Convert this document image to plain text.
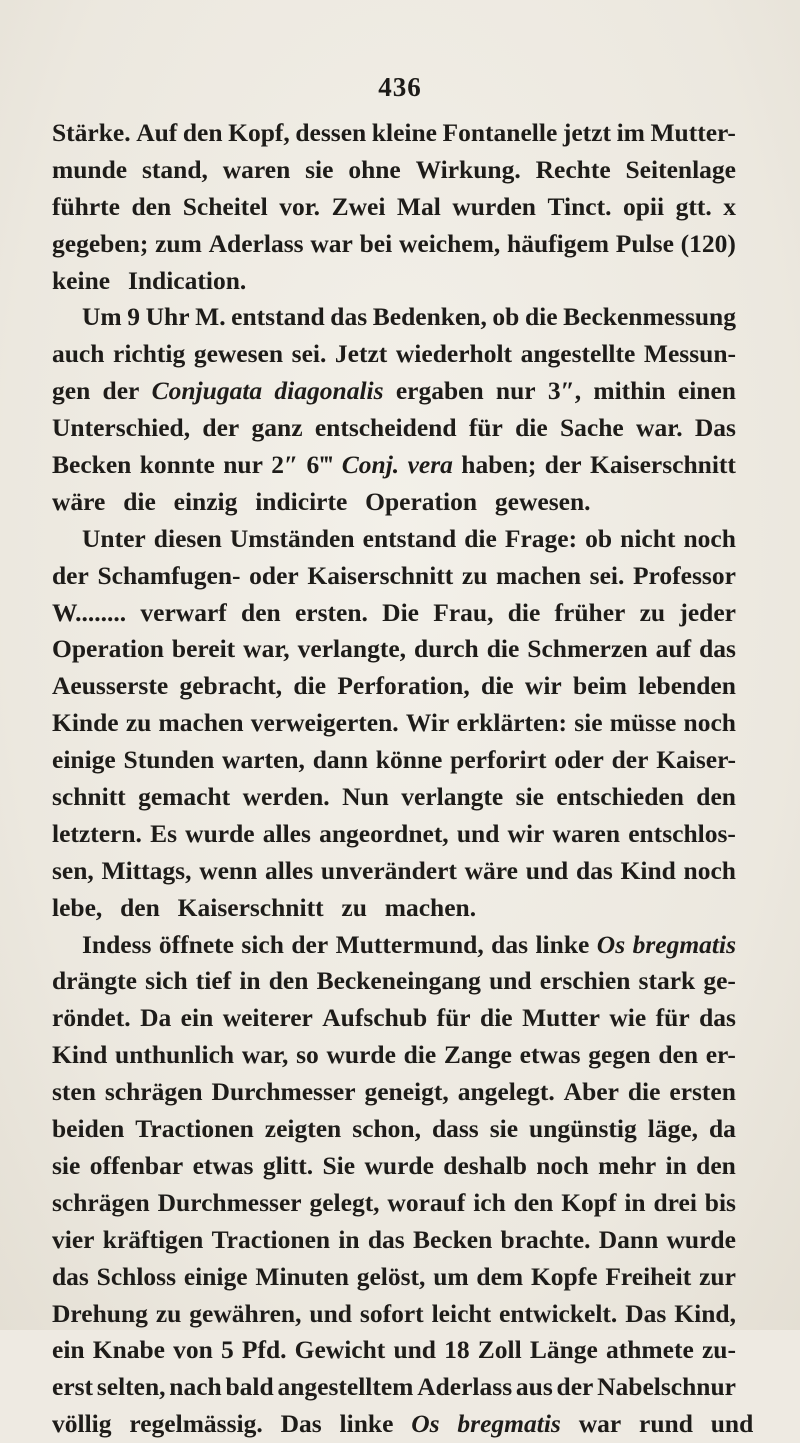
436
Stärke. Auf den Kopf, dessen kleine Fontanelle jetzt im Mutter-
munde stand, waren sie ohne Wirkung. Rechte Seitenlage
führte den Scheitel vor. Zwei Mal wurden Tinct. opii gtt. x
gegeben; zum Aderlass war bei weichem, häufigem Pulse (120)
keine Indication.
Um 9 Uhr M. entstand das Bedenken, ob die Beckenmessung
auch richtig gewesen sei. Jetzt wiederholt angestellte Messun-
gen der Conjugata diagonalis ergaben nur 3″, mithin einen
Unterschied, der ganz entscheidend für die Sache war. Das
Becken konnte nur 2″ 6‴ Conj. vera haben; der Kaiserschnitt
wäre die einzig indicirte Operation gewesen.
Unter diesen Umständen entstand die Frage: ob nicht noch
der Schamfugen- oder Kaiserschnitt zu machen sei. Professor
W........ verwarf den ersten. Die Frau, die früher zu jeder
Operation bereit war, verlangte, durch die Schmerzen auf das
Aeusserste gebracht, die Perforation, die wir beim lebenden
Kinde zu machen verweigerten. Wir erklärten: sie müsse noch
einige Stunden warten, dann könne perforirt oder der Kaiser-
schnitt gemacht werden. Nun verlangte sie entschieden den
letztern. Es wurde alles angeordnet, und wir waren entschlos-
sen, Mittags, wenn alles unverändert wäre und das Kind noch
lebe, den Kaiserschnitt zu machen.
Indess öffnete sich der Muttermund, das linke Os bregmatis
drängte sich tief in den Beckeneingang und erschien stark ge-
röndet. Da ein weiterer Aufschub für die Mutter wie für das
Kind unthunlich war, so wurde die Zange etwas gegen den er-
sten schrägen Durchmesser geneigt, angelegt. Aber die ersten
beiden Tractionen zeigten schon, dass sie ungünstig läge, da
sie offenbar etwas glitt. Sie wurde deshalb noch mehr in den
schrägen Durchmesser gelegt, worauf ich den Kopf in drei bis
vier kräftigen Tractionen in das Becken brachte. Dann wurde
das Schloss einige Minuten gelöst, um dem Kopfe Freiheit zur
Drehung zu gewähren, und sofort leicht entwickelt. Das Kind,
ein Knabe von 5 Pfd. Gewicht und 18 Zoll Länge athmete zu-
erst selten, nach bald angestelltem Aderlass aus der Nabelschnur
völlig regelmässig. Das linke Os bregmatis war rund und
